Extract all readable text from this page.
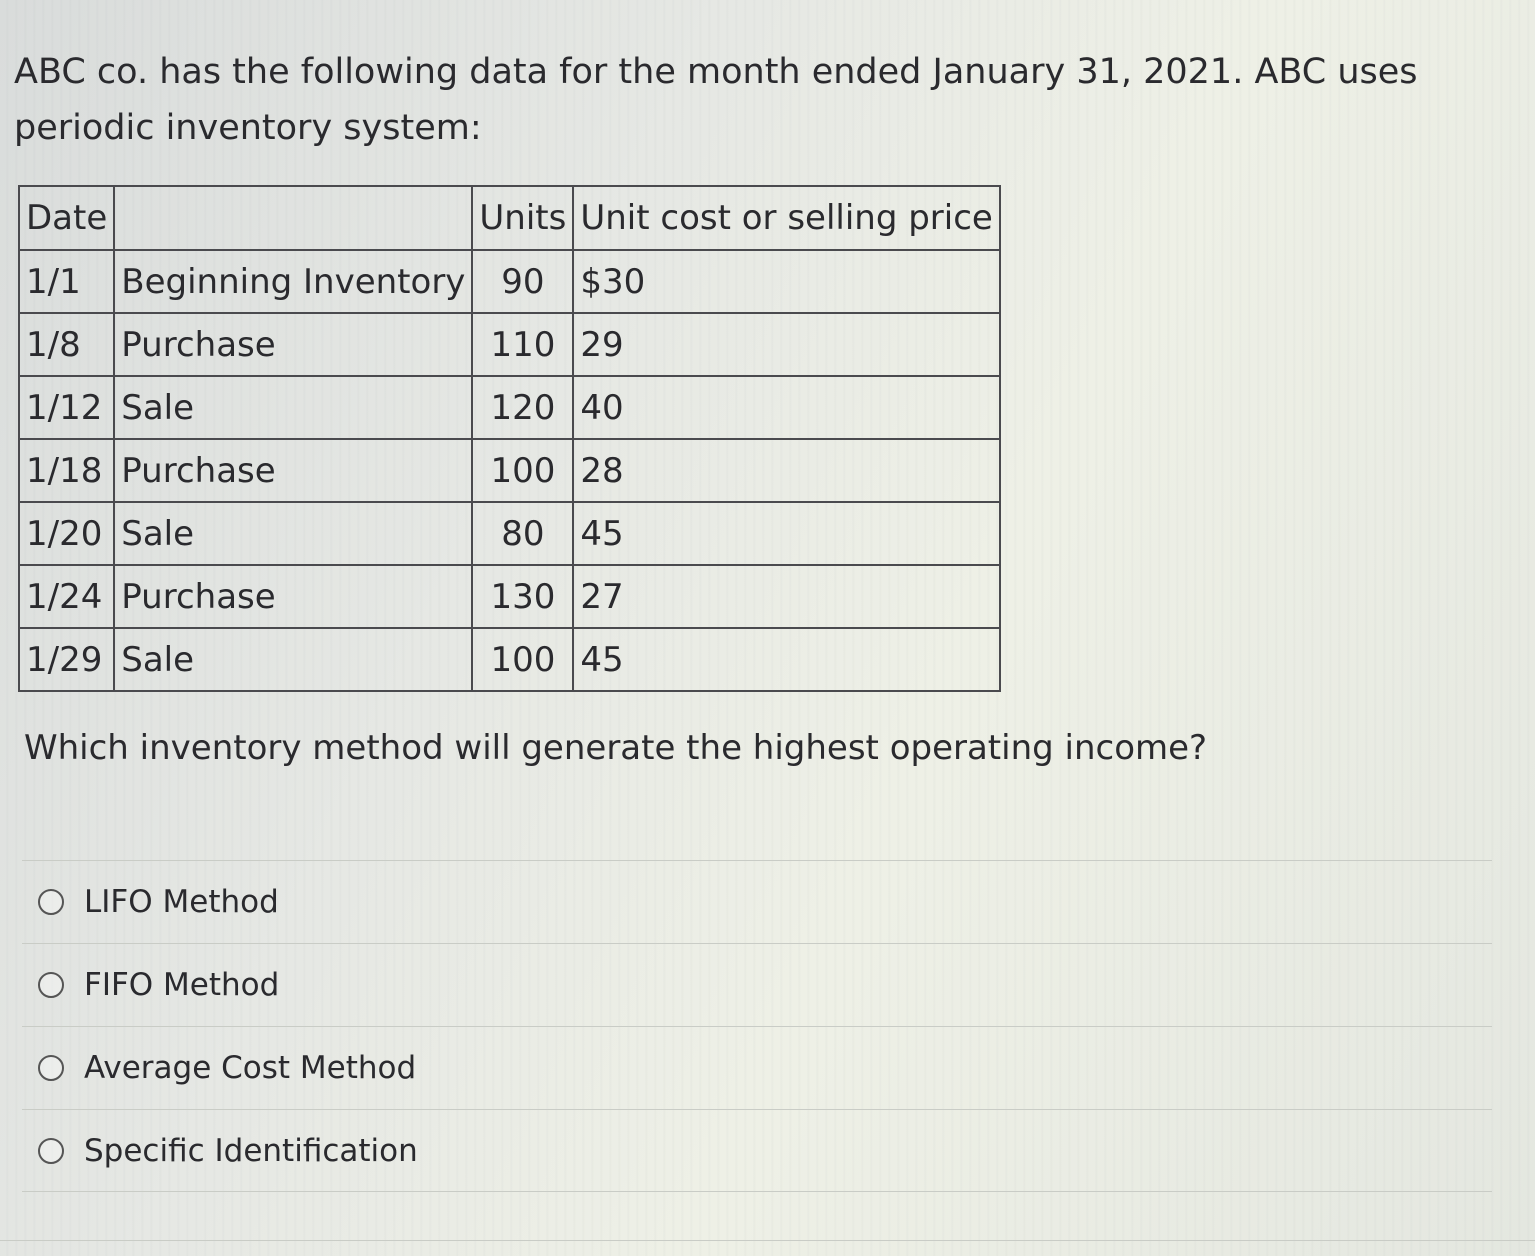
ABC co. has the following data for the month ended January 31, 2021. ABC uses periodic inventory system:

Date		Units	Unit cost or selling price
1/1	Beginning Inventory	90	$30
1/8	Purchase	110	29
1/12	Sale	120	40
1/18	Purchase	100	28
1/20	Sale	80	45
1/24	Purchase	130	27
1/29	Sale	100	45

Which inventory method will generate the highest operating income?

LIFO Method
FIFO Method
Average Cost Method
Specific Identification
